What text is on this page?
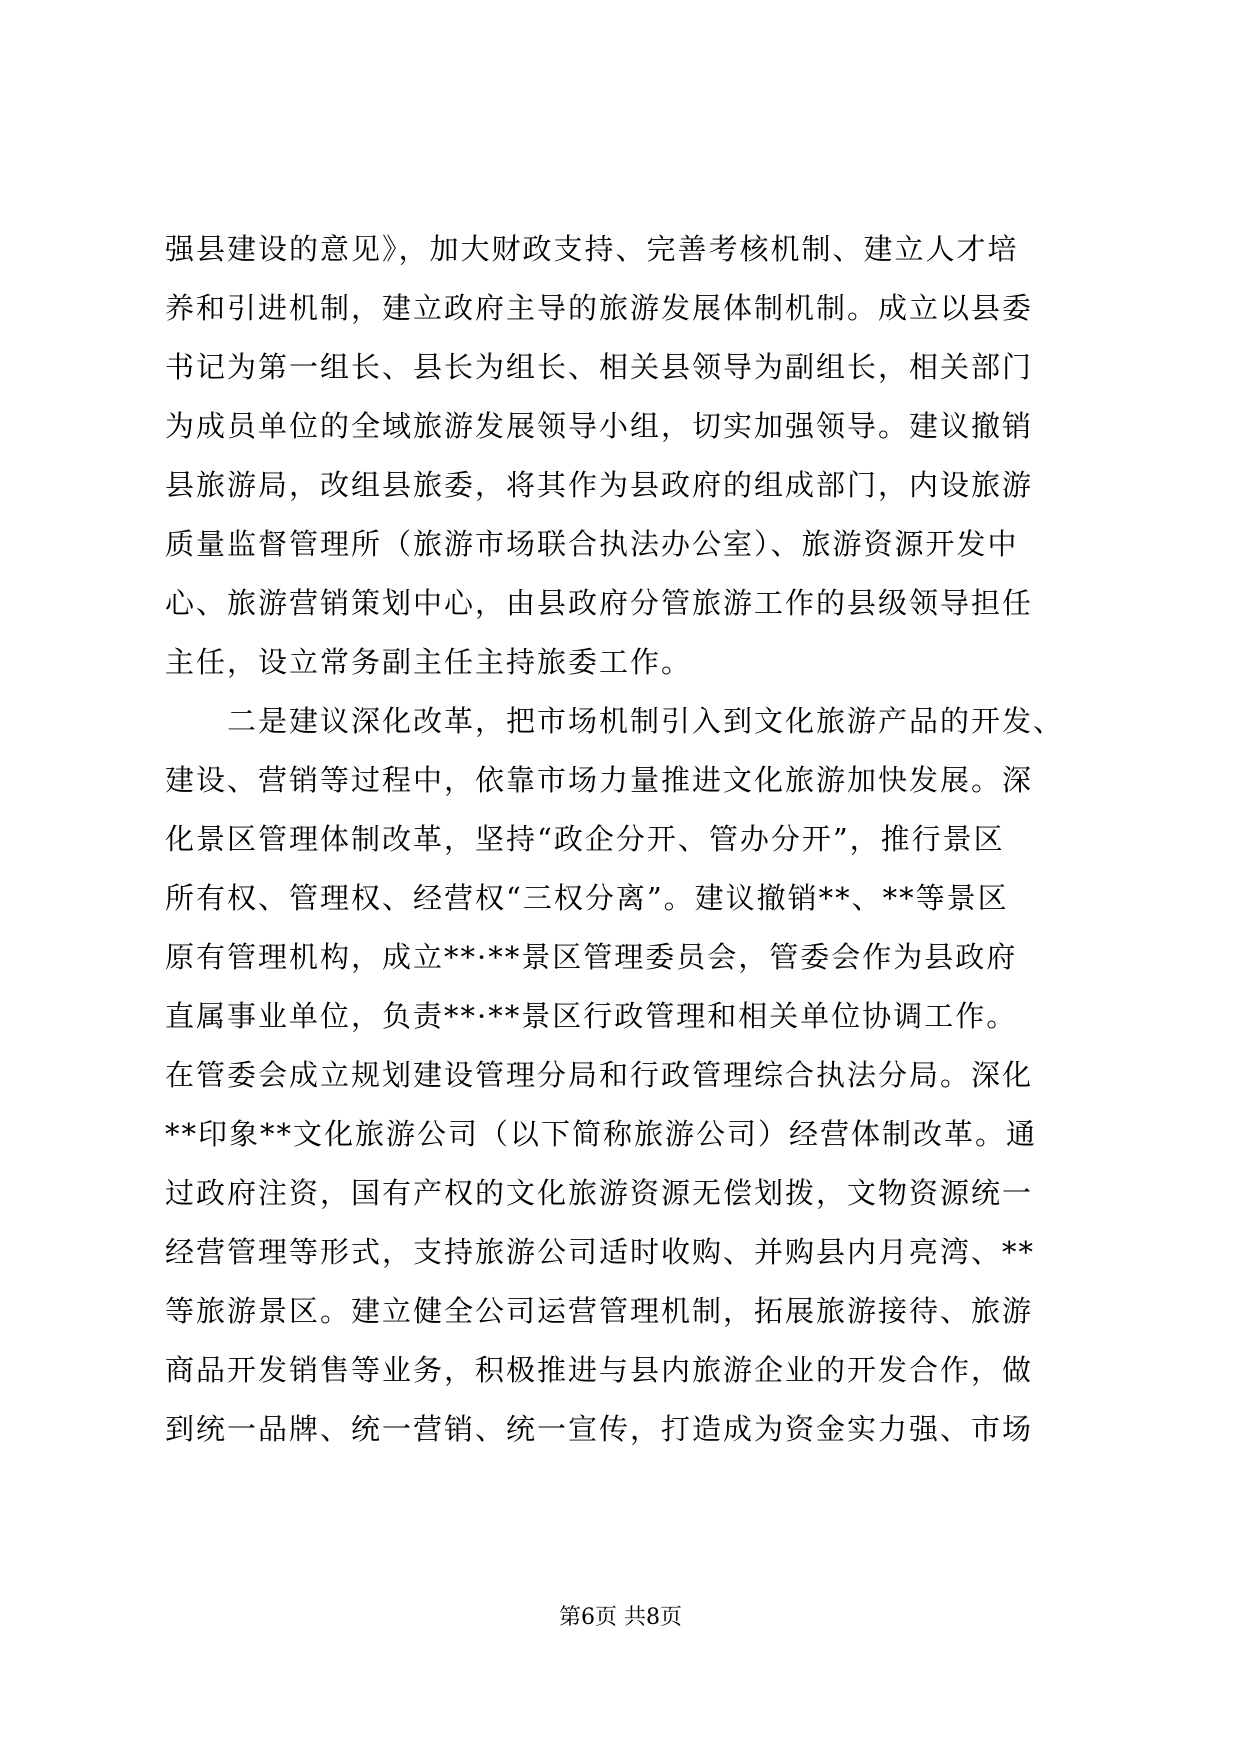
强县建设的意见》，加大财政支持、完善考核机制、建立人才培
养和引进机制，建立政府主导的旅游发展体制机制。成立以县委
书记为第一组长、县长为组长、相关县领导为副组长，相关部门
为成员单位的全域旅游发展领导小组，切实加强领导。建议撤销
县旅游局，改组县旅委，将其作为县政府的组成部门，内设旅游
质量监督管理所（旅游市场联合执法办公室）、旅游资源开发中
心、旅游营销策划中心，由县政府分管旅游工作的县级领导担任
主任，设立常务副主任主持旅委工作。
二是建议深化改革，把市场机制引入到文化旅游产品的开发、
建设、营销等过程中，依靠市场力量推进文化旅游加快发展。深
化景区管理体制改革，坚持“政企分开、管办分开”，推行景区
所有权、管理权、经营权“三权分离”。建议撤销**、**等景区
原有管理机构，成立**·**景区管理委员会，管委会作为县政府
直属事业单位，负责**·**景区行政管理和相关单位协调工作。
在管委会成立规划建设管理分局和行政管理综合执法分局。深化
**印象**文化旅游公司（以下简称旅游公司）经营体制改革。通
过政府注资，国有产权的文化旅游资源无偿划拨，文物资源统一
经营管理等形式，支持旅游公司适时收购、并购县内月亮湾、**
等旅游景区。建立健全公司运营管理机制，拓展旅游接待、旅游
商品开发销售等业务，积极推进与县内旅游企业的开发合作，做
到统一品牌、统一营销、统一宣传，打造成为资金实力强、市场
第6页 共8页
